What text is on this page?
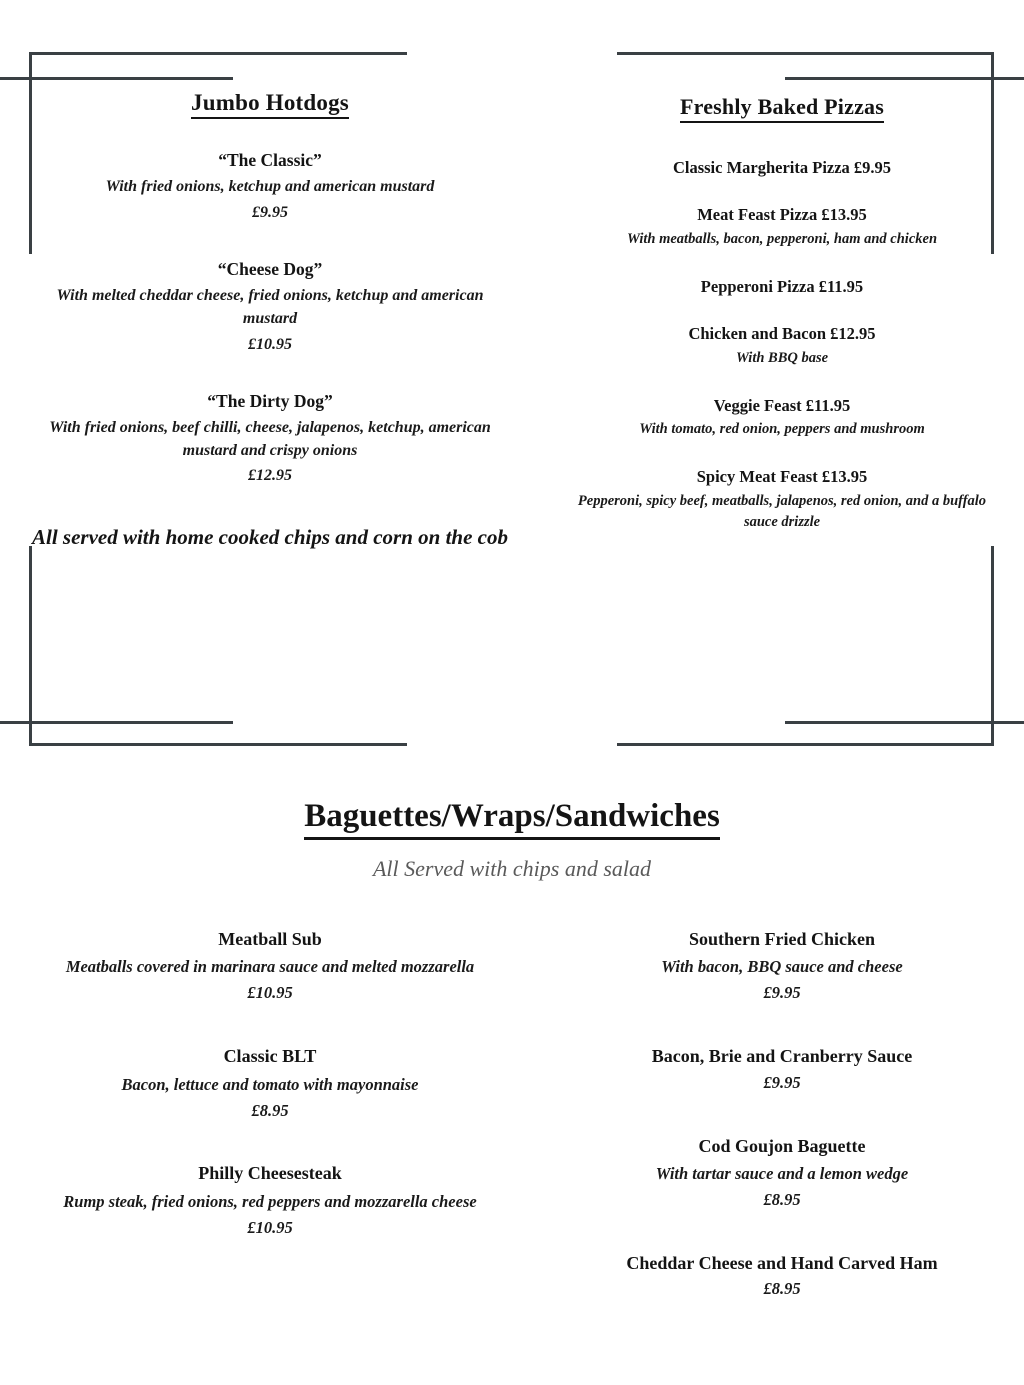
Jumbo Hotdogs
“The Classic”
With fried onions, ketchup and american mustard
£9.95
“Cheese Dog”
With melted cheddar cheese, fried onions, ketchup and american mustard
£10.95
“The Dirty Dog”
With fried onions, beef chilli, cheese, jalapenos, ketchup, american mustard and crispy onions
£12.95
All served with home cooked chips and corn on the cob
Freshly Baked Pizzas
Classic Margherita Pizza £9.95
Meat Feast Pizza £13.95
With meatballs, bacon, pepperoni, ham and chicken
Pepperoni Pizza £11.95
Chicken and Bacon £12.95
With BBQ base
Veggie Feast £11.95
With tomato, red onion, peppers and mushroom
Spicy Meat Feast £13.95
Pepperoni, spicy beef, meatballs, jalapenos, red onion, and a buffalo sauce drizzle
Baguettes/Wraps/Sandwiches
All Served with chips and salad
Meatball Sub
Meatballs covered in marinara sauce and melted mozzarella
£10.95
Classic BLT
Bacon, lettuce and tomato with mayonnaise
£8.95
Philly Cheesesteak
Rump steak, fried onions, red peppers and mozzarella cheese
£10.95
Southern Fried Chicken
With bacon, BBQ sauce and cheese
£9.95
Bacon, Brie and Cranberry Sauce
£9.95
Cod Goujon Baguette
With tartar sauce and a lemon wedge
£8.95
Cheddar Cheese and Hand Carved Ham
£8.95
